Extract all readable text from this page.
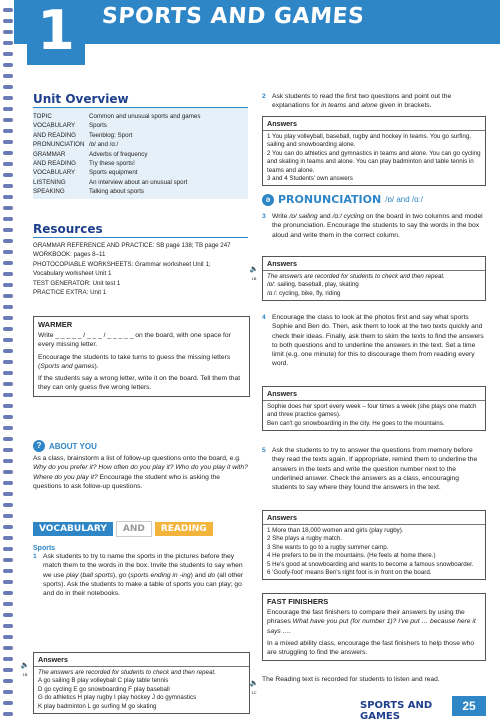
1	SPORTS AND GAMES
Unit Overview
TOPIC	Common and unusual sports and games
VOCABULARY	Sports
AND READING	Teenblog: Sport
PRONUNCIATION /ɒ/ and /ɑː/
GRAMMAR	Adverbs of frequency
AND READING	Try these sports!
VOCABULARY	Sports equipment
LISTENING	An interview about an unusual sport
SPEAKING	Talking about sports
Resources
GRAMMAR REFERENCE AND PRACTICE: SB page 138; TB page 247
WORKBOOK: pages 8–11
PHOTOCOPIABLE WORKSHEETS: Grammar worksheet Unit 1;
Vocabulary worksheet Unit 1
TEST GENERATOR: Unit test 1
PRACTICE EXTRA: Unit 1
WARMER

Write _ _ _ _ _ / _ _ _ / _ _ _ _ _ on the board, with one space for every missing letter.

Encourage the students to take turns to guess the missing letters (Sports and games).

If the students say a wrong letter, write it on the board. Tell them that they can only guess five wrong letters.

? ABOUT YOU

As a class, brainstorm a list of follow-up questions onto the board, e.g. Why do you prefer it? How often do you play it? Who do you play it with? Where do you play it? Encourage the student who is asking the questions to ask follow-up questions.

VOCABULARY	AND	READING
Sports
1 Ask students to try to name the sports in the pictures before they match them to the words in the box. Invite the students to say when we use play (ball sports), go (sports ending in -ing) and do (all other sports). Ask the students to make a table of sports you can play; go and do in their notebooks.
🔈
1B
Answers
The answers are recorded for students to check and then repeat.
A go sailing B play volleyball C play table tennis
D go cycling E go snowboarding F play baseball
G do athletics H play rugby I play hockey J do gymnastics
K play badminton L go surfing M go skating
2 Ask students to read the first two questions and point out the explanations for in teams and alone given in brackets.
Answers
1 You play volleyball, baseball, rugby and hockey in teams. You go surfing, sailing and snowboarding alone.
2 You can do athletics and gymnastics in teams and alone. You can go cycling and skating in teams and alone. You can play badminton and table tennis in teams and alone.
3 and 4 Students' own answers
ə PRONUNCIATION /ɒ/ and /ɑː/
3 Write /ɒ/ sailing and /ɑː/ cycling on the board in two columns and model the pronunciation. Encourage the students to say the words in the box aloud and write them in the correct column.
🔈
1B
Answers
The answers are recorded for students to check and then repeat.
/ɒ/: sailing, baseball, play, skating
/ɑː/: cycling, bike, fly, riding
4 Encourage the class to look at the photos first and say what sports Sophie and Ben do. Then, ask them to look at the two texts quickly and check their ideas. Finally, ask them to skim the texts to find the answers to both questions and to underline the answers in the text. Set a time limit (e.g. one minute) for this to discourage them from reading every word.
Answers
Sophie does her sport every week – four times a week (she plays one match and three practice games).
Ben can't go snowboarding in the city. He goes to the mountains.
5 Ask the students to try to answer the questions from memory before they read the texts again. If appropriate, remind them to underline the answers in the texts and write the question number next to the underlined answer. Check the answers as a class, encouraging students to say where they found the answers in the text.
Answers
1 More than 18,000 women and girls (play rugby).
2 She plays a rugby match.
3 She wants to go to a rugby summer camp.
4 He prefers to be in the mountains. (He feels at home there.)
5 He's good at snowboarding and wants to become a famous snowboarder.
6 'Goofy-foot' means Ben's right foot is in front on the board.
FAST FINISHERS

Encourage the fast finishers to compare their answers by using the phrases What have you put (for number 1)? I've put … because here it says ….

In a mixed ability class, encourage the fast finishers to help those who are struggling to find the answers.

🔈
1C

The Reading text is recorded for students to listen and read.

SPORTS AND GAMES
25
